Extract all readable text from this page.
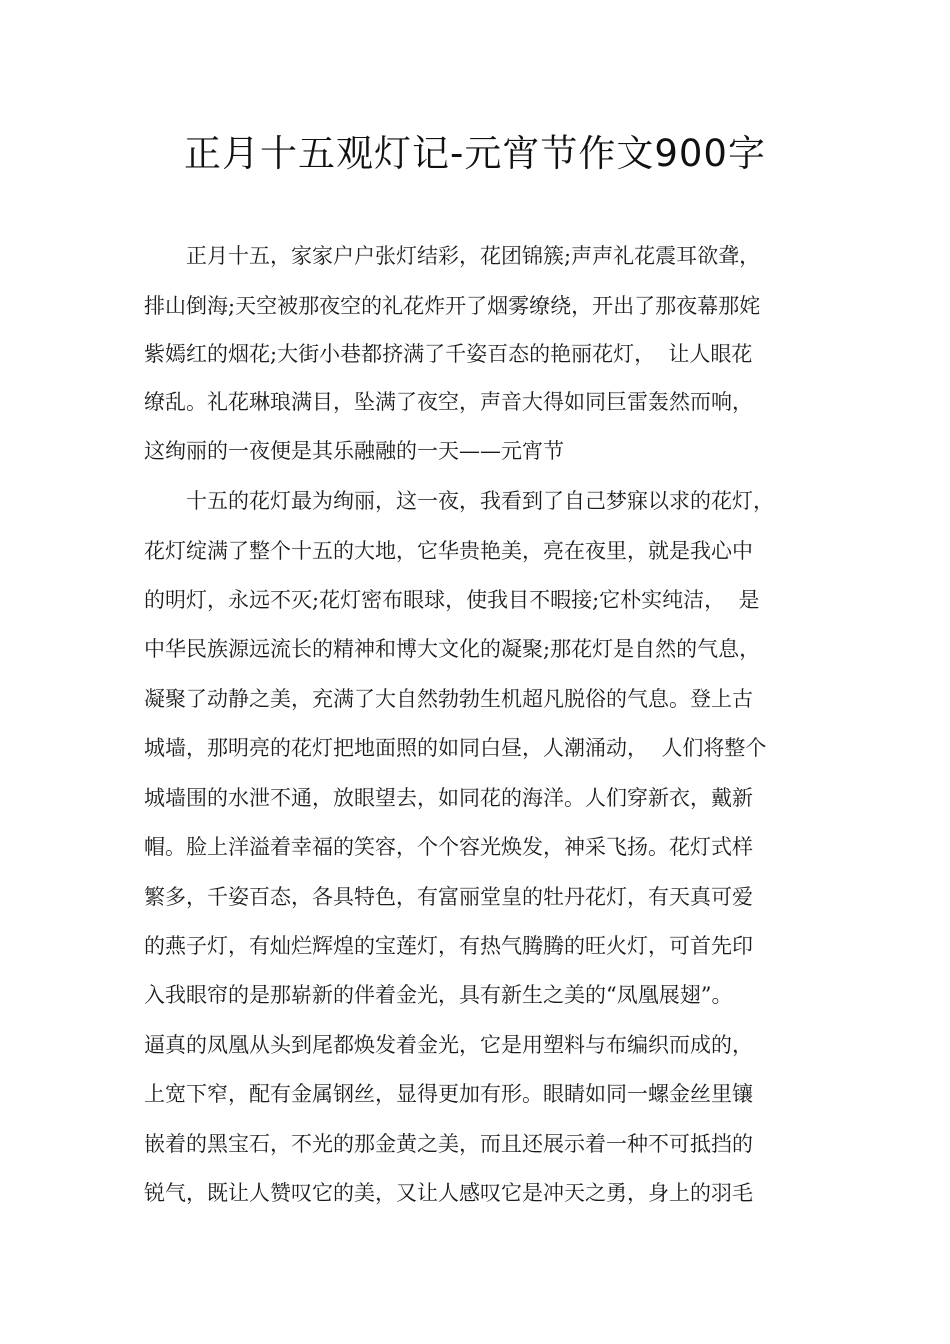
正月十五观灯记-元宵节作文900字
　　正月十五，家家户户张灯结彩，花团锦簇;声声礼花震耳欲聋，
排山倒海;天空被那夜空的礼花炸开了烟雾缭绕，开出了那夜幕那姹
紫嫣红的烟花;大街小巷都挤满了千姿百态的艳丽花灯，  让人眼花
缭乱。礼花琳琅满目，坠满了夜空，声音大得如同巨雷轰然而响，
这绚丽的一夜便是其乐融融的一天——元宵节
　　十五的花灯最为绚丽，这一夜，我看到了自己梦寐以求的花灯，
花灯绽满了整个十五的大地，它华贵艳美，亮在夜里，就是我心中
的明灯，永远不灭;花灯密布眼球，使我目不暇接;它朴实纯洁，  是
中华民族源远流长的精神和博大文化的凝聚;那花灯是自然的气息，
凝聚了动静之美，充满了大自然勃勃生机超凡脱俗的气息。登上古
城墙，那明亮的花灯把地面照的如同白昼，人潮涌动，  人们将整个
城墙围的水泄不通，放眼望去，如同花的海洋。人们穿新衣，戴新
帽。脸上洋溢着幸福的笑容，个个容光焕发，神采飞扬。花灯式样
繁多，千姿百态，各具特色，有富丽堂皇的牡丹花灯，有天真可爱
的燕子灯，有灿烂辉煌的宝莲灯，有热气腾腾的旺火灯，可首先印
入我眼帘的是那崭新的伴着金光，具有新生之美的“凤凰展翅”。
逼真的凤凰从头到尾都焕发着金光，它是用塑料与布编织而成的，
上宽下窄，配有金属钢丝，显得更加有形。眼睛如同一螺金丝里镶
嵌着的黑宝石，不光的那金黄之美，而且还展示着一种不可抵挡的
锐气，既让人赞叹它的美，又让人感叹它是冲天之勇，身上的羽毛
